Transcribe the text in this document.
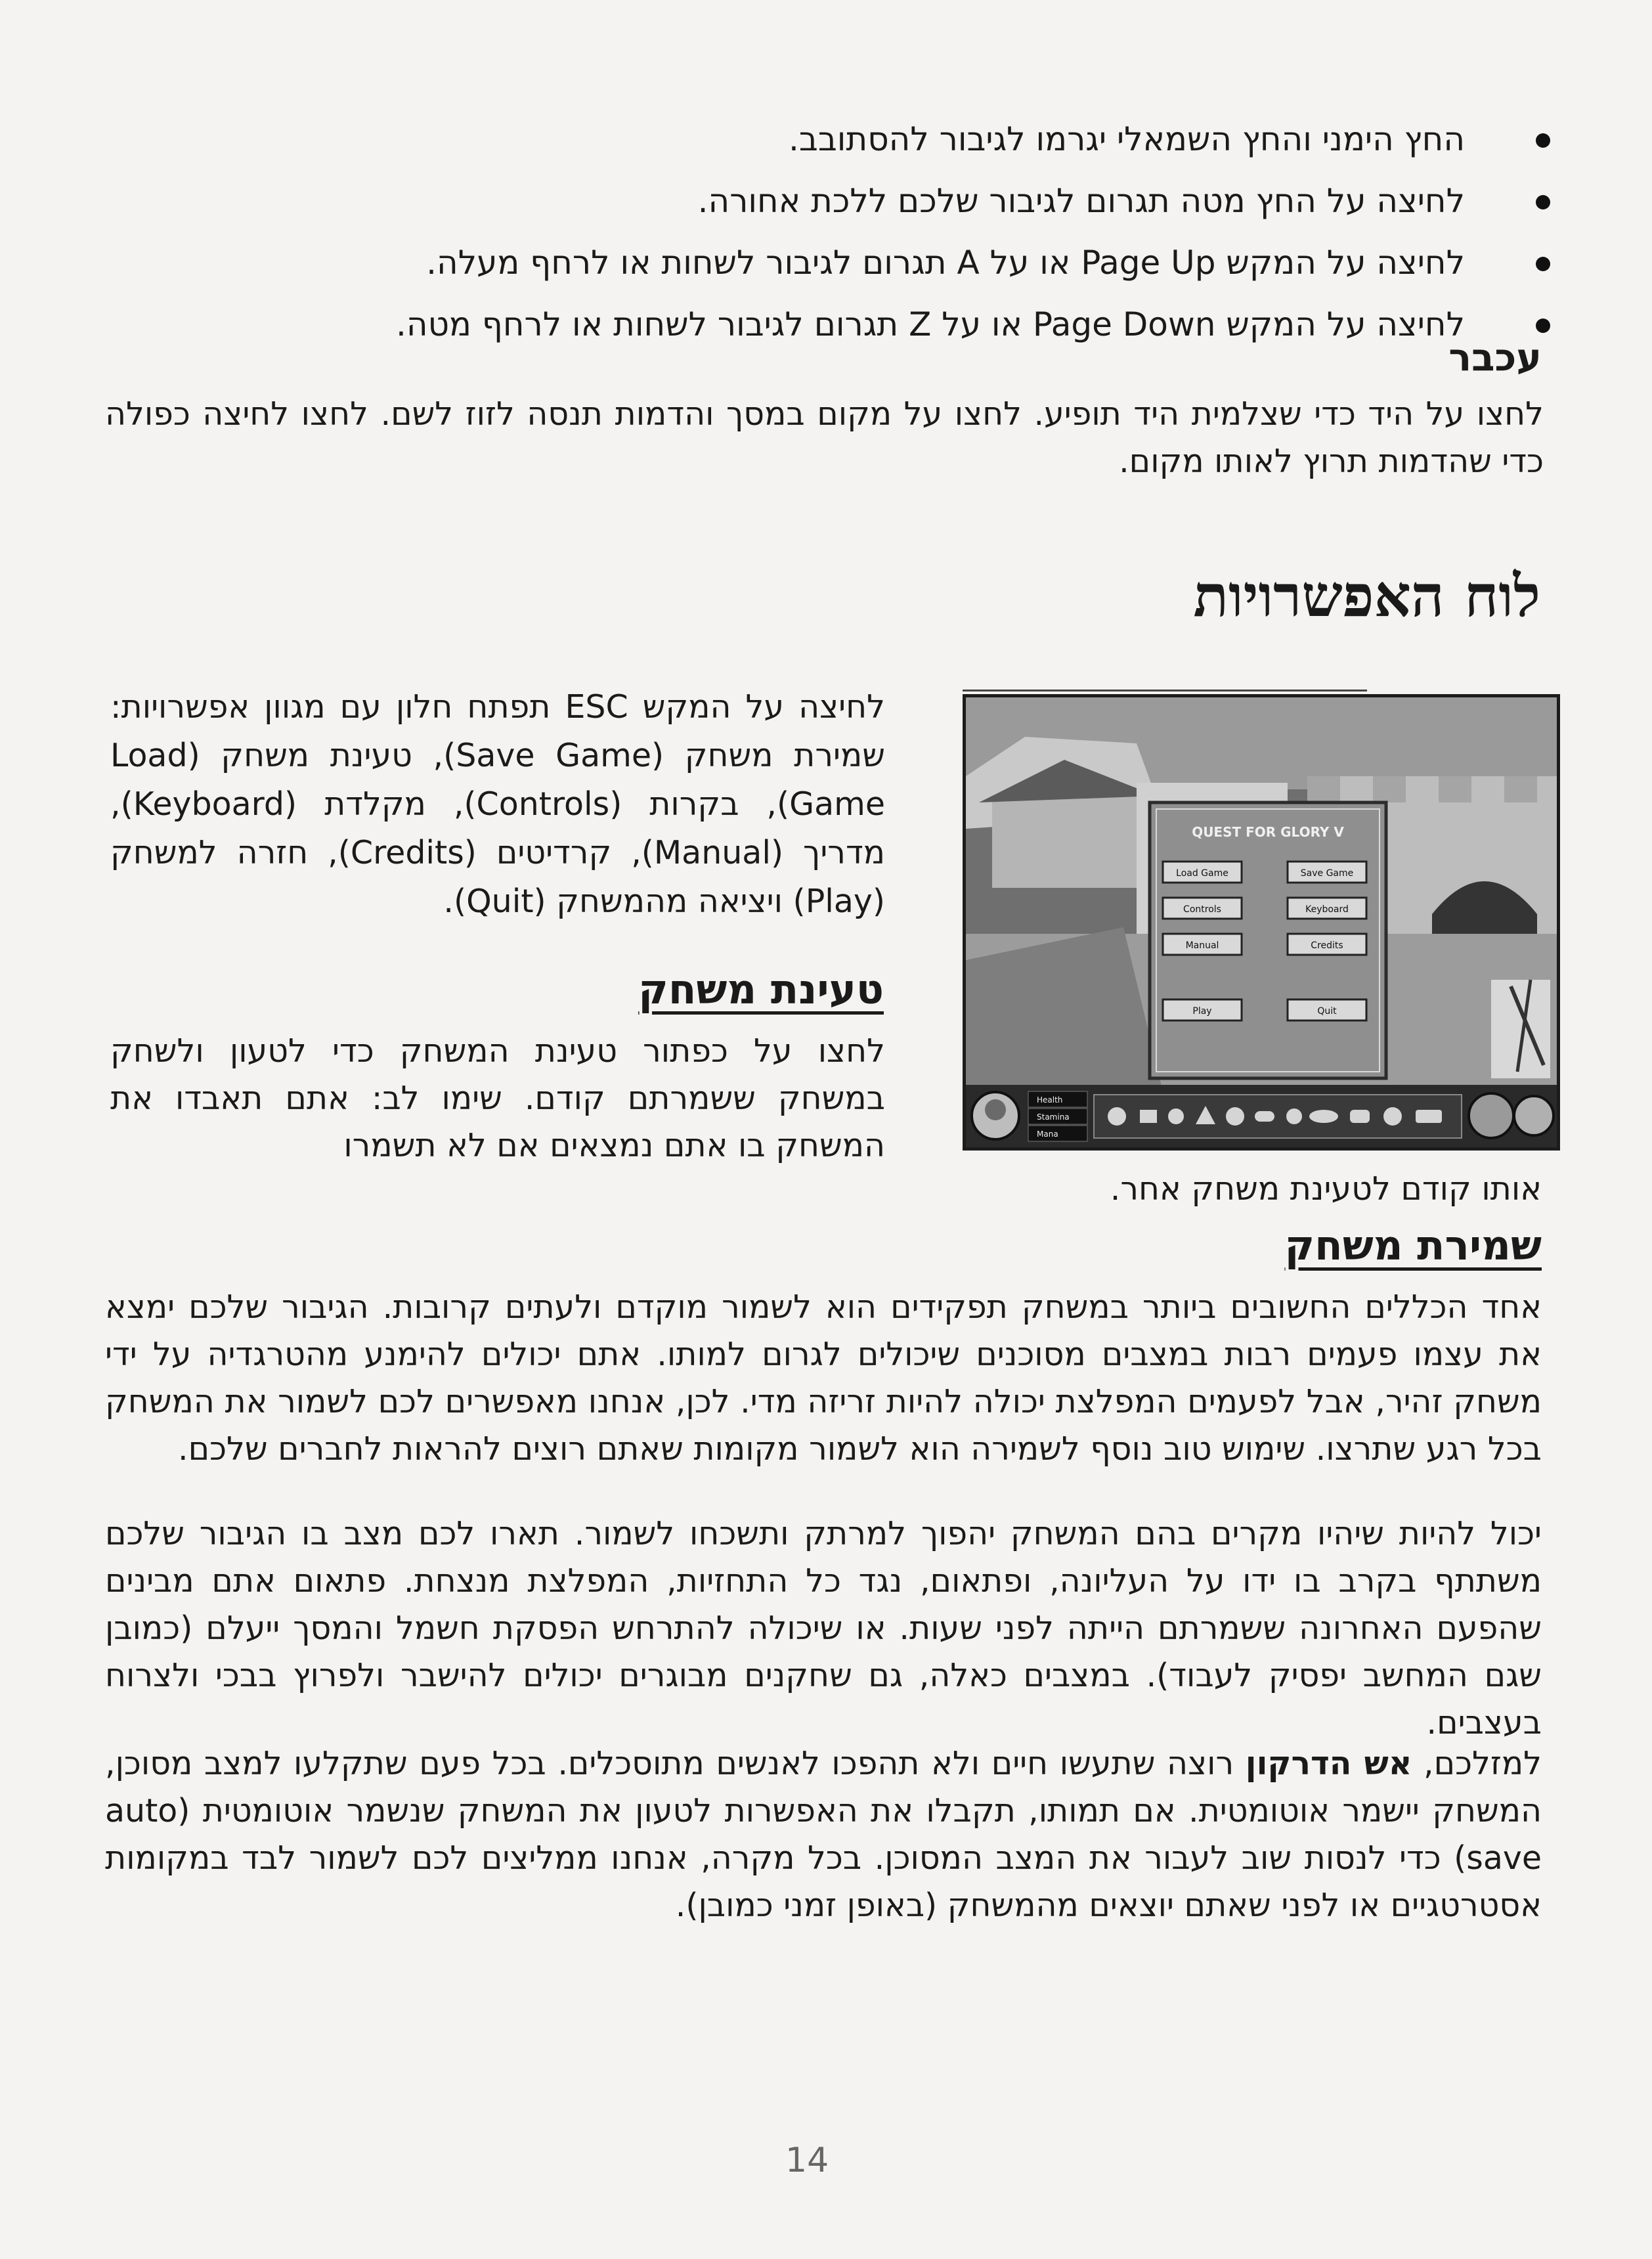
החץ הימני והחץ השמאלי יגרמו לגיבור להסתובב.
לחיצה על החץ מטה תגרום לגיבור שלכם ללכת אחורה.
לחיצה על המקש Page Up או על A תגרום לגיבור לשחות או לרחף מעלה.
לחיצה על המקש Page Down או על Z תגרום לגיבור לשחות או לרחף מטה.
עכבר

לחצו על היד כדי שצלמית היד תופיע. לחצו על מקום במסך והדמות תנסה לזוז לשם. לחצו לחיצה כפולה כדי שהדמות תרוץ לאותו מקום.

לוח האפשרויות
QUEST FOR GLORY V
Load Game	Save Game
Controls	Keyboard
Manual	Credits
Play	Quit
Health
Stamina
Mana

לחיצה על המקש ESC תפתח חלון עם מגוון אפשרויות: שמירת משחק (Save Game), טעינת משחק (Load Game), בקרות (Controls), מקלדת (Keyboard), מדריך (Manual), קרדיטים (Credits), חזרה למשחק (Play) ויציאה מהמשחק (Quit).

טעינת משחק

לחצו על כפתור טעינת המשחק כדי לטעון ולשחק במשחק ששמרתם קודם. שימו לב: אתם תאבדו את המשחק בו אתם נמצאים אם לא תשמרו

אותו קודם לטעינת משחק אחר.

שמירת משחק

אחד הכללים החשובים ביותר במשחק תפקידים הוא לשמור מוקדם ולעתים קרובות. הגיבור שלכם ימצא את עצמו פעמים רבות במצבים מסוכנים שיכולים לגרום למותו. אתם יכולים להימנע מהטרגדיה על ידי משחק זהיר, אבל לפעמים המפלצת יכולה להיות זריזה מדי. לכן, אנחנו מאפשרים לכם לשמור את המשחק בכל רגע שתרצו. שימוש טוב נוסף לשמירה הוא לשמור מקומות שאתם רוצים להראות לחברים שלכם.

יכול להיות שיהיו מקרים בהם המשחק יהפוך למרתק ותשכחו לשמור. תארו לכם מצב בו הגיבור שלכם משתתף בקרב בו ידו על העליונה, ופתאום, נגד כל התחזיות, המפלצת מנצחת. פתאום אתם מבינים שהפעם האחרונה ששמרתם הייתה לפני שעות. או שיכולה להתרחש הפסקת חשמל והמסך ייעלם (כמובן שגם המחשב יפסיק לעבוד). במצבים כאלה, גם שחקנים מבוגרים יכולים להישבר ולפרוץ בבכי ולצרוח בעצבים.

למזלכם, אש הדרקון רוצה שתעשו חיים ולא תהפכו לאנשים מתוסכלים. בכל פעם שתקלעו למצב מסוכן, המשחק יישמר אוטומטית. אם תמותו, תקבלו את האפשרות לטעון את המשחק שנשמר אוטומטית (auto save) כדי לנסות שוב לעבור את המצב המסוכן. בכל מקרה, אנחנו ממליצים לכם לשמור לבד במקומות אסטרטגיים או לפני שאתם יוצאים מהמשחק (באופן זמני כמובן).

14
